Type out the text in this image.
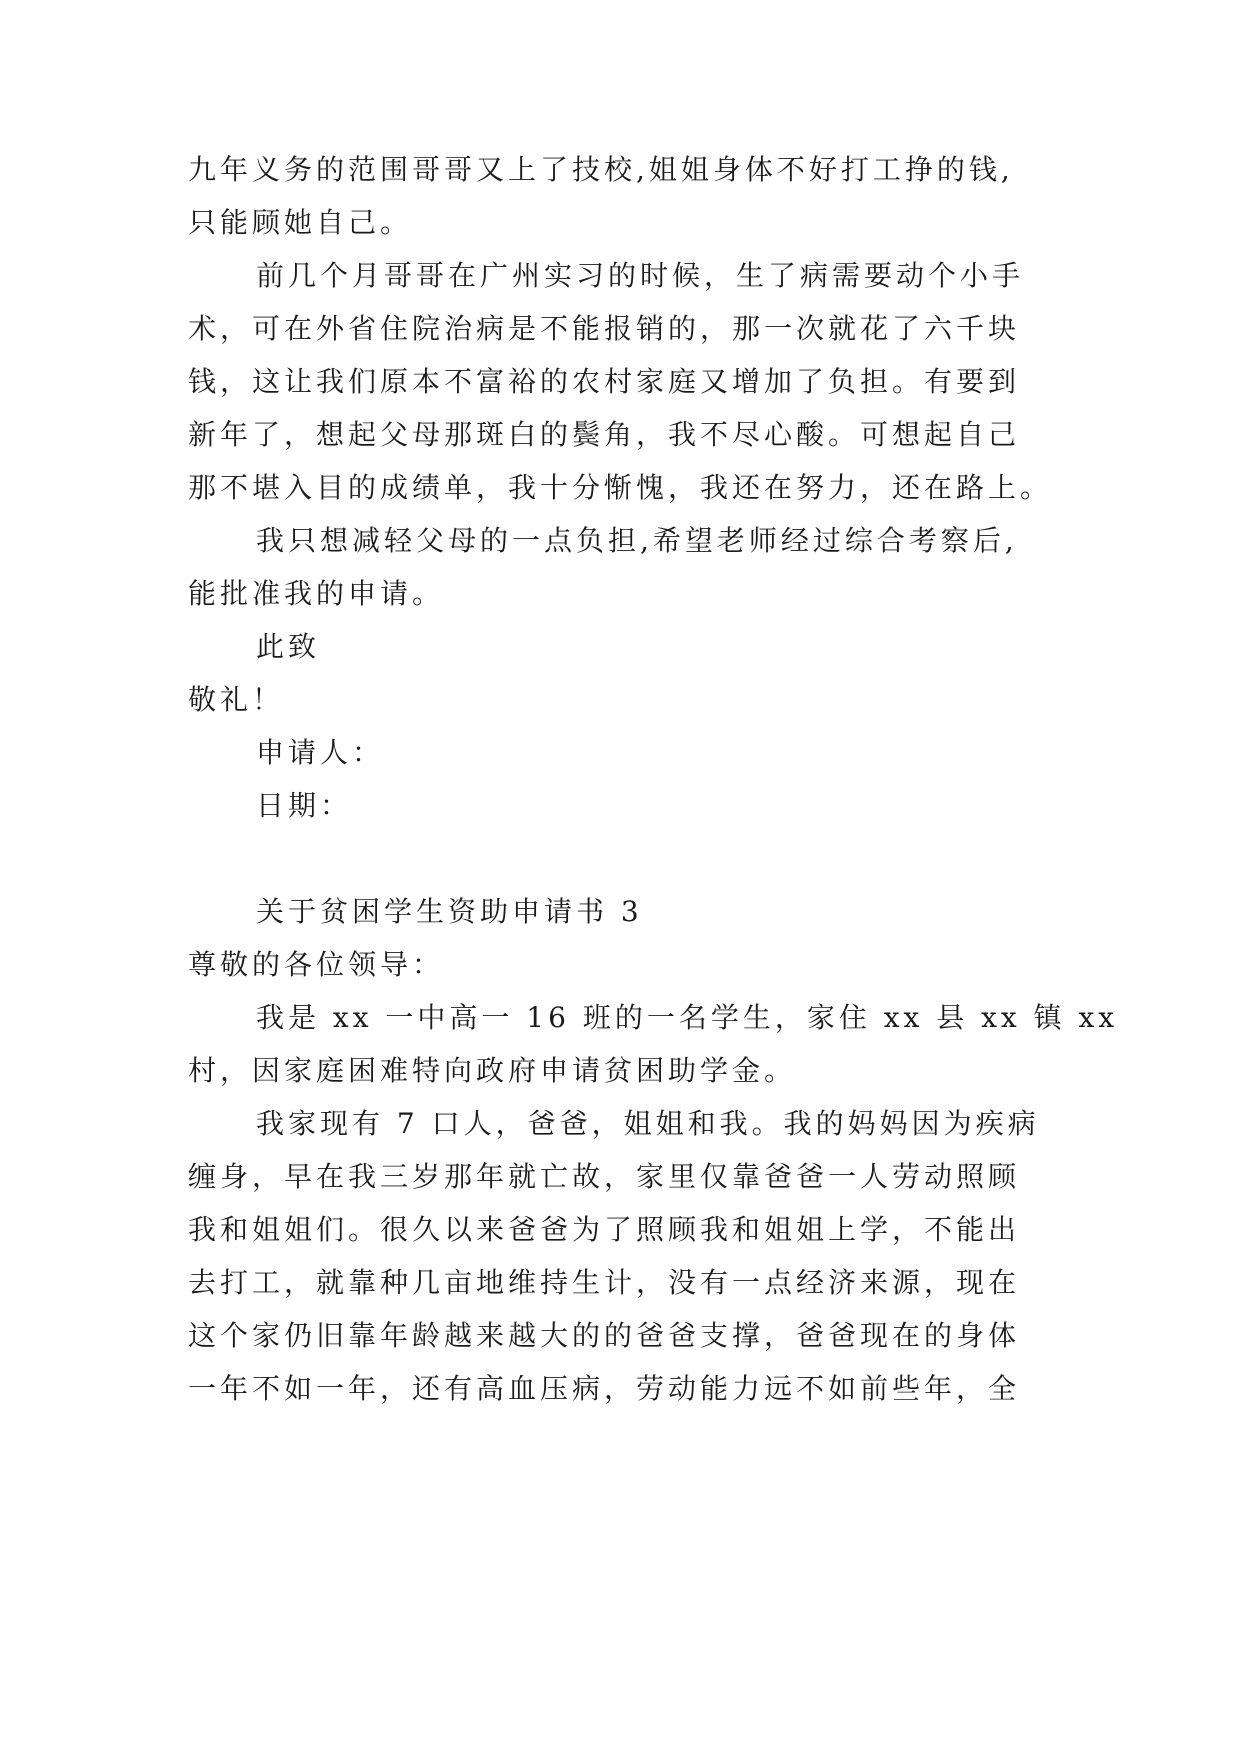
九年义务的范围哥哥又上了技校,姐姐身体不好打工挣的钱,
只能顾她自己。
前几个月哥哥在广州实习的时候，生了病需要动个小手
术，可在外省住院治病是不能报销的，那一次就花了六千块
钱，这让我们原本不富裕的农村家庭又增加了负担。有要到
新年了，想起父母那斑白的鬓角，我不尽心酸。可想起自己
那不堪入目的成绩单，我十分惭愧，我还在努力，还在路上。
我只想减轻父母的一点负担,希望老师经过综合考察后,
能批准我的申请。
此致
敬礼！
申请人：
日期：
关于贫困学生资助申请书 3
尊敬的各位领导：
我是 xx 一中高一 16 班的一名学生，家住 xx 县 xx 镇 xx
村，因家庭困难特向政府申请贫困助学金。
我家现有 7 口人，爸爸，姐姐和我。我的妈妈因为疾病
缠身，早在我三岁那年就亡故，家里仅靠爸爸一人劳动照顾
我和姐姐们。很久以来爸爸为了照顾我和姐姐上学，不能出
去打工，就靠种几亩地维持生计，没有一点经济来源，现在
这个家仍旧靠年龄越来越大的的爸爸支撑，爸爸现在的身体
一年不如一年，还有高血压病，劳动能力远不如前些年，全
